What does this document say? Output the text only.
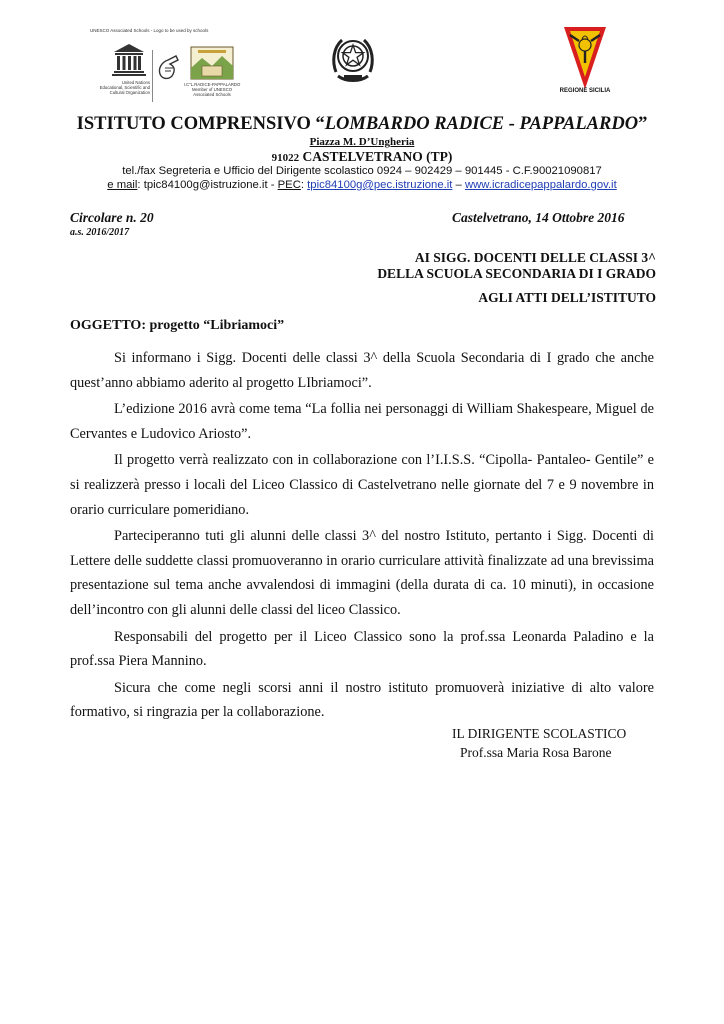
UNESCO Associated Schools - Logo to be used by schools
United Nations
Educational, Scientific and
Cultural Organization
I.C"L.RADICE-PAPPALARDO
Member of UNESCO
Associated Schools
REGIONE SICILIA
ISTITUTO COMPRENSIVO “LOMBARDO RADICE - PAPPALARDO”
Piazza M. D’Ungheria
91022 CASTELVETRANO (TP)
tel./fax Segreteria e Ufficio del Dirigente scolastico 0924 – 902429 – 901445 - C.F.90021090817
e mail: tpic84100g@istruzione.it - PEC: tpic84100g@pec.istruzione.it – www.icradicepappalardo.gov.it
Circolare n. 20	Castelvetrano, 14 Ottobre 2016
a.s. 2016/2017
AI SIGG. DOCENTI DELLE CLASSI 3^
DELLA SCUOLA SECONDARIA DI I GRADO
AGLI ATTI DELL’ISTITUTO
OGGETTO: progetto “Libriamoci”

Si informano i Sigg. Docenti delle classi 3^ della Scuola Secondaria di I grado che anche quest’anno abbiamo aderito al progetto LIbriamoci”.

L’edizione 2016 avrà come tema “La follia nei personaggi di William Shakespeare, Miguel de Cervantes e Ludovico Ariosto”.

Il progetto verrà realizzato con in collaborazione con l’I.I.S.S. “Cipolla- Pantaleo- Gentile” e si realizzerà presso i locali del Liceo Classico di Castelvetrano nelle giornate del 7 e 9 novembre in orario curriculare pomeridiano.

Parteciperanno tuti gli alunni delle classi 3^ del nostro Istituto, pertanto i Sigg. Docenti di Lettere delle suddette classi promuoveranno in orario curriculare attività finalizzate ad una brevissima presentazione sul tema anche avvalendosi di immagini (della durata di ca. 10 minuti), in occasione dell’incontro con gli alunni delle classi del liceo Classico.

Responsabili del progetto per il Liceo Classico sono la prof.ssa Leonarda Paladino e la prof.ssa Piera Mannino.

Sicura che come negli scorsi anni il nostro istituto promuoverà iniziative di alto valore formativo, si ringrazia per la collaborazione.

IL DIRIGENTE SCOLASTICO
Prof.ssa Maria Rosa Barone
